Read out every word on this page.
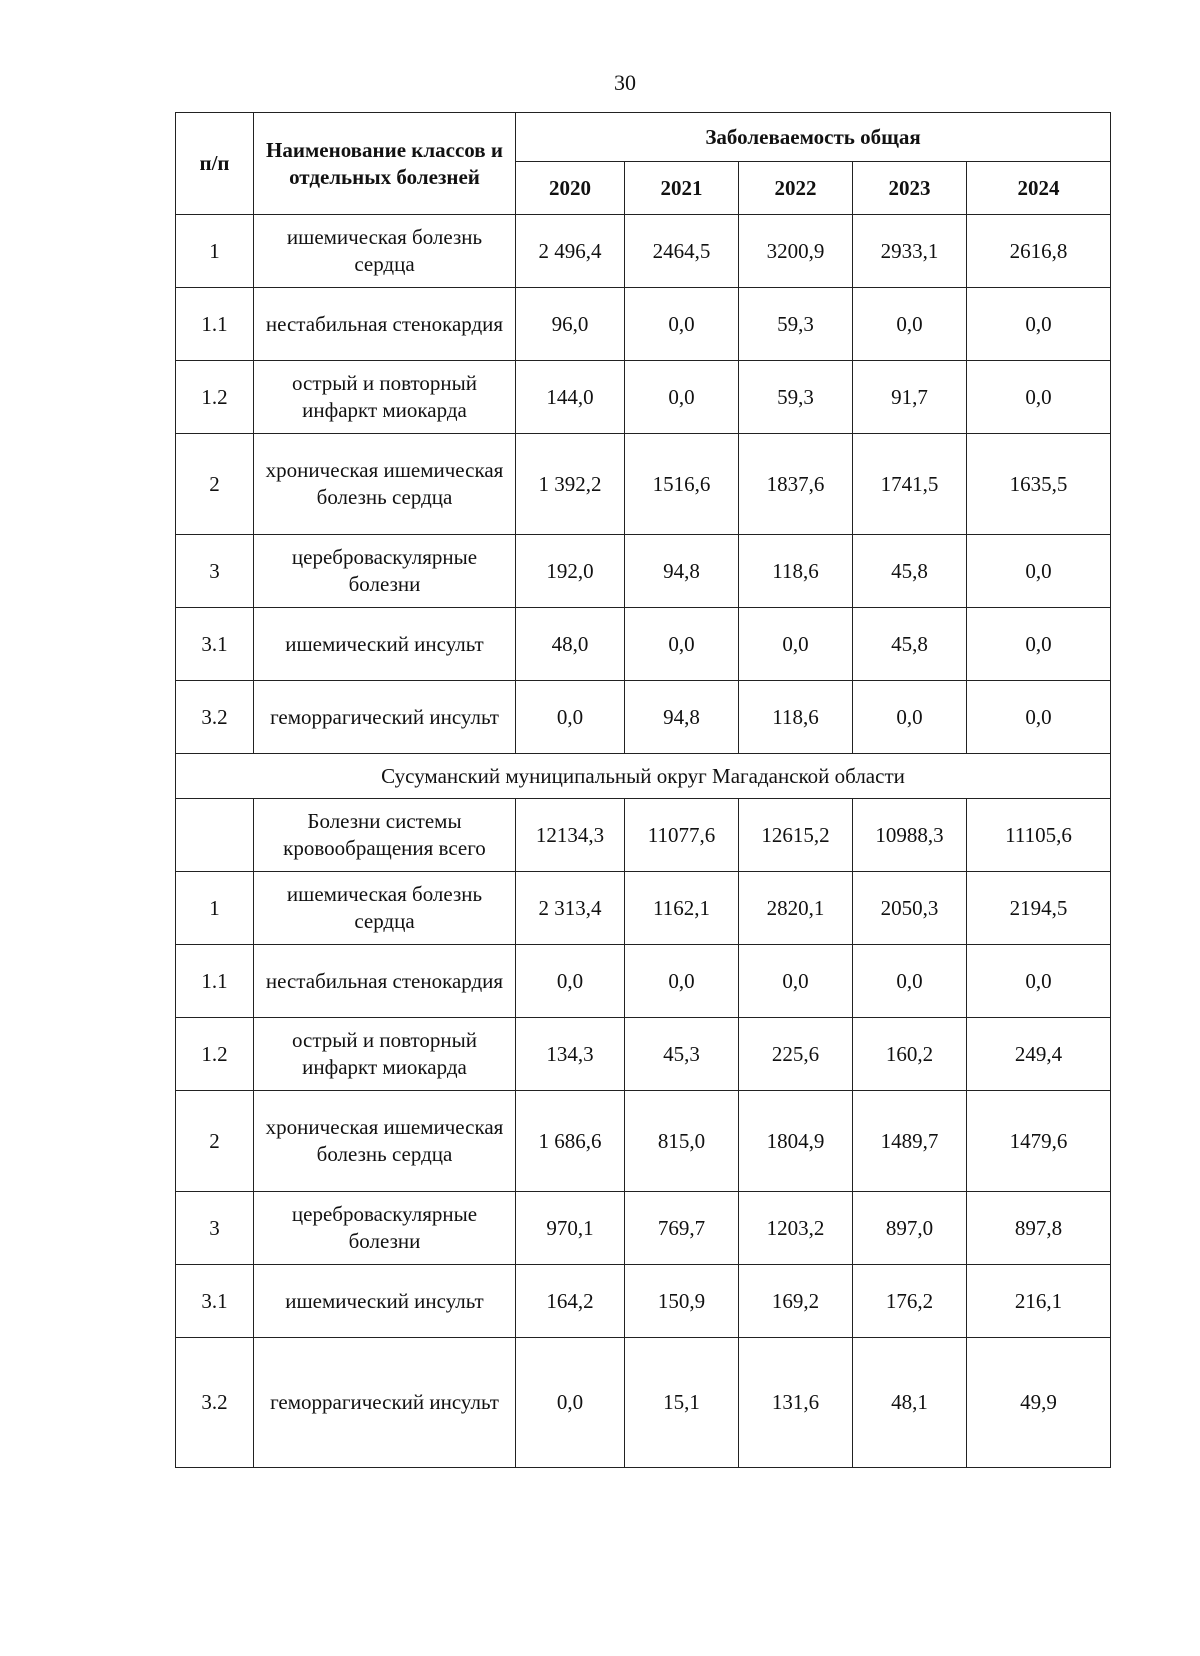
30
п/п	Наименование классов и отдельных болезней	Заболеваемость общая				
		2020	2021	2022	2023	2024
1	ишемическая болезнь сердца	2 496,4	2464,5	3200,9	2933,1	2616,8
1.1	нестабильная стенокардия	96,0	0,0	59,3	0,0	0,0
1.2	острый и повторный инфаркт миокарда	144,0	0,0	59,3	91,7	0,0
2	хроническая ишемическая болезнь сердца	1 392,2	1516,6	1837,6	1741,5	1635,5
3	цереброваскулярные болезни	192,0	94,8	118,6	45,8	0,0
3.1	ишемический инсульт	48,0	0,0	0,0	45,8	0,0
3.2	геморрагический инсульт	0,0	94,8	118,6	0,0	0,0
Сусуманский муниципальный округ Магаданской области						
	Болезни системы кровообращения всего	12134,3	11077,6	12615,2	10988,3	11105,6
1	ишемическая болезнь сердца	2 313,4	1162,1	2820,1	2050,3	2194,5
1.1	нестабильная стенокардия	0,0	0,0	0,0	0,0	0,0
1.2	острый и повторный инфаркт миокарда	134,3	45,3	225,6	160,2	249,4
2	хроническая ишемическая болезнь сердца	1 686,6	815,0	1804,9	1489,7	1479,6
3	цереброваскулярные болезни	970,1	769,7	1203,2	897,0	897,8
3.1	ишемический инсульт	164,2	150,9	169,2	176,2	216,1
3.2	геморрагический инсульт	0,0	15,1	131,6	48,1	49,9
